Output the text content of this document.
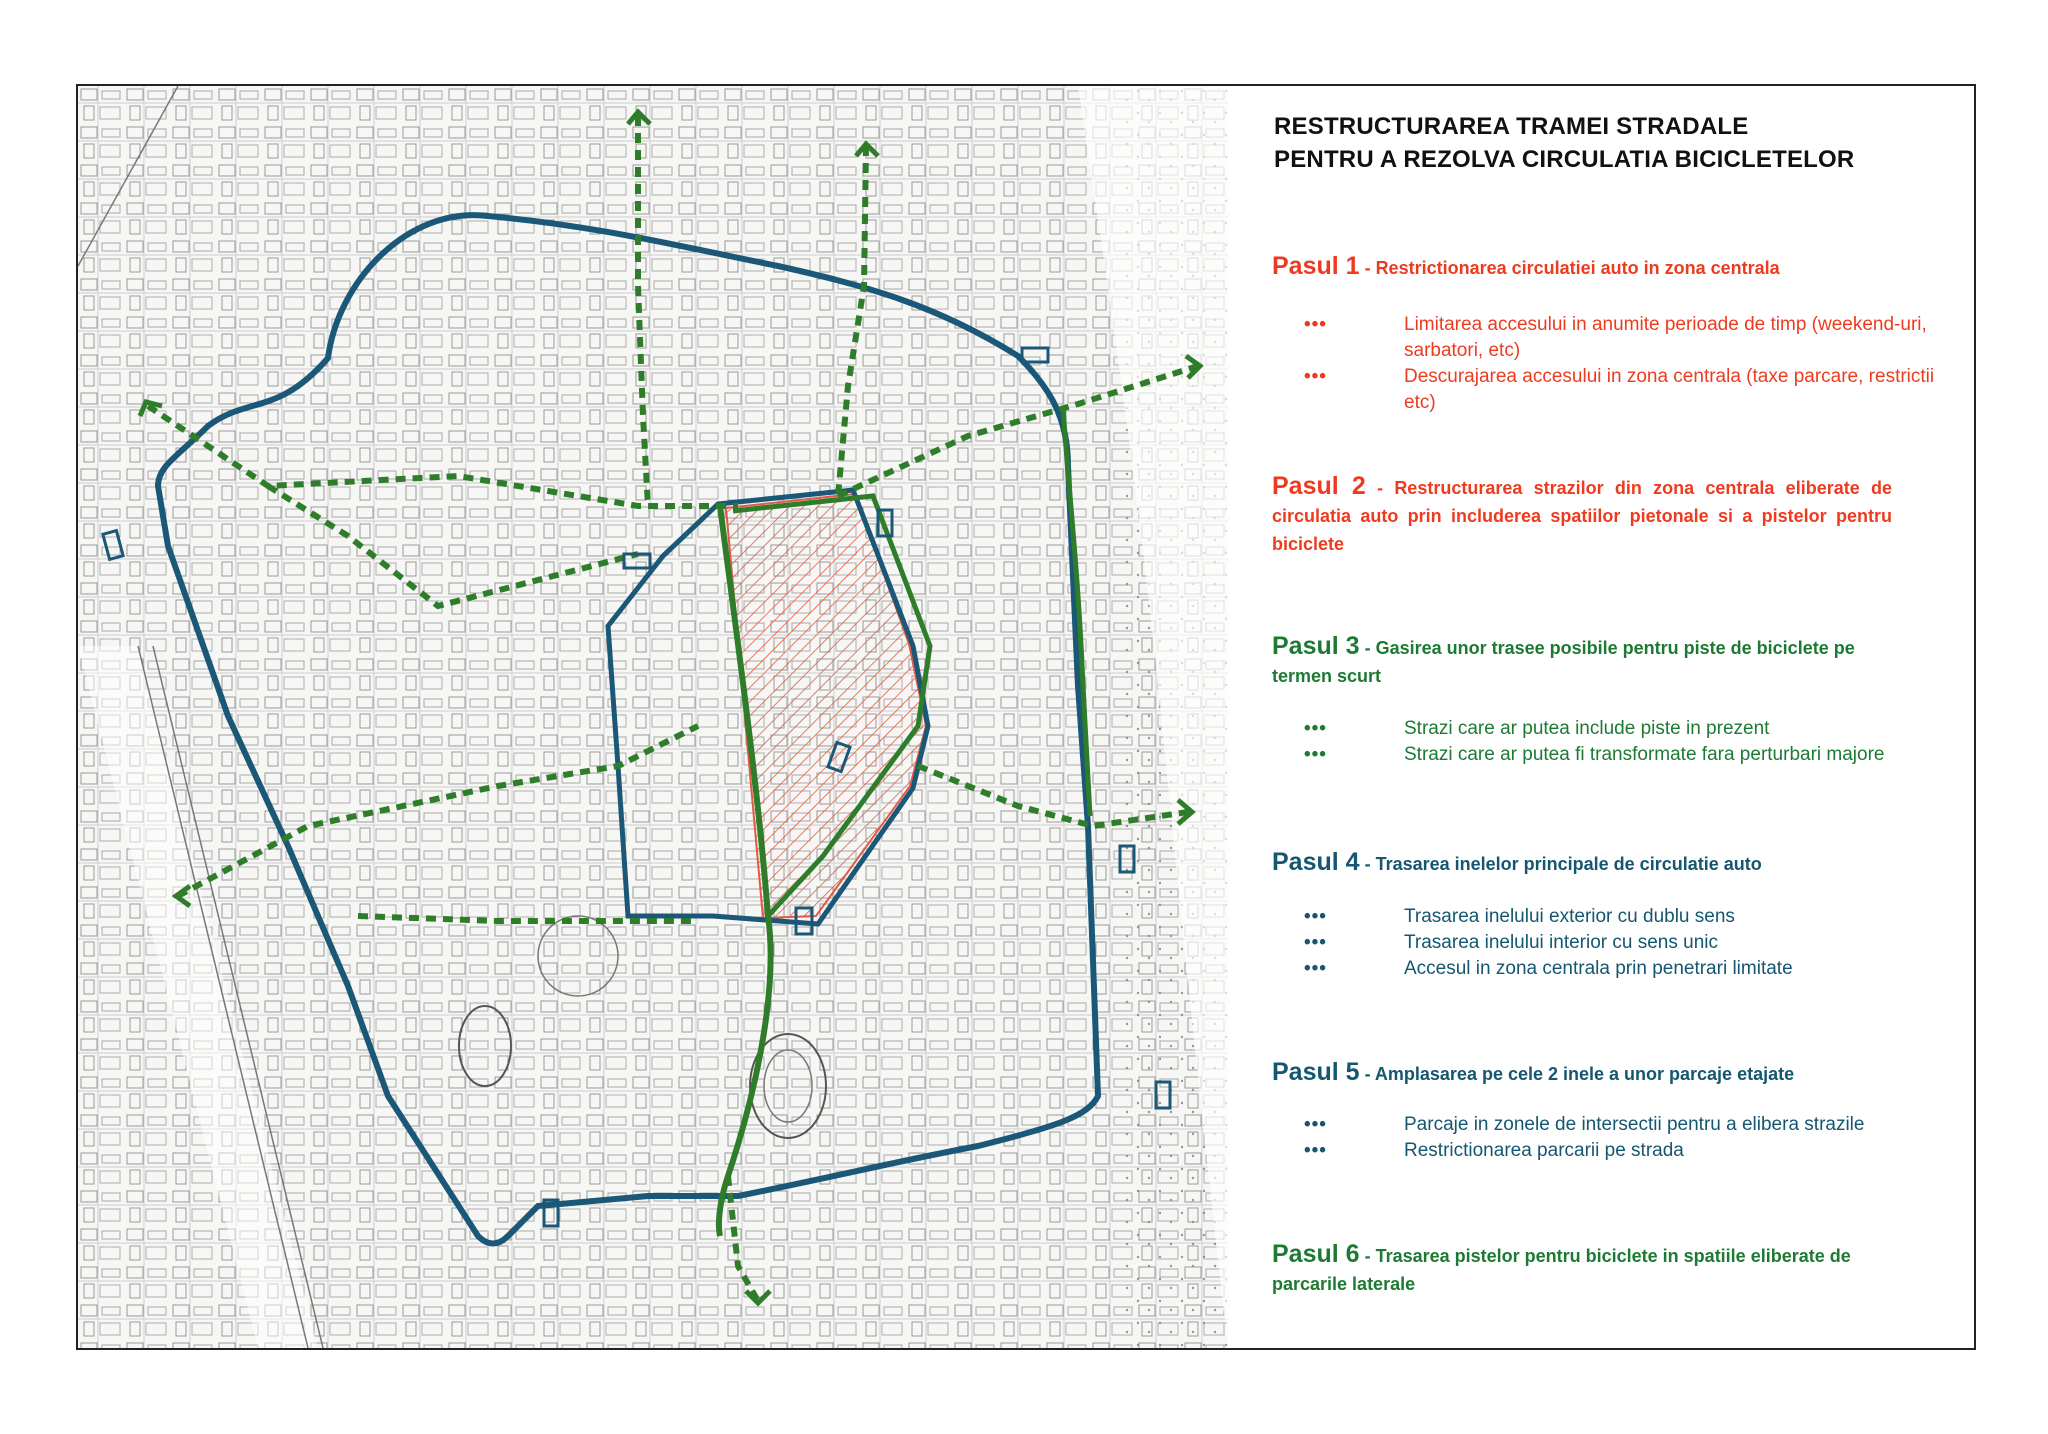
RESTRUCTURAREA TRAMEI STRADALE
PENTRU A REZOLVA CIRCULATIA BICICLETELOR
Pasul 1 - Restrictionarea circulatiei auto in zona centrala
•••	Limitarea accesului in anumite perioade de timp (weekend-uri, sarbatori, etc)
•••	Descurajarea accesului in zona centrala (taxe parcare, restrictii etc)
Pasul 2 - Restructurarea strazilor din zona centrala eliberate de circulatia auto prin includerea spatiilor pietonale si a pistelor pentru biciclete
Pasul 3 - Gasirea unor trasee posibile pentru piste de biciclete pe termen scurt
•••	Strazi care ar putea include piste in prezent
•••	Strazi care ar putea fi transformate fara perturbari majore
Pasul 4 - Trasarea inelelor principale de circulatie auto
•••	Trasarea inelului exterior cu dublu sens
•••	Trasarea inelului interior cu sens unic
•••	Accesul in zona centrala prin penetrari limitate
Pasul 5 - Amplasarea pe cele 2 inele a unor parcaje etajate
•••	Parcaje in zonele de intersectii pentru a elibera strazile
•••	Restrictionarea parcarii pe strada
Pasul 6 - Trasarea pistelor pentru biciclete in spatiile eliberate de parcarile laterale
